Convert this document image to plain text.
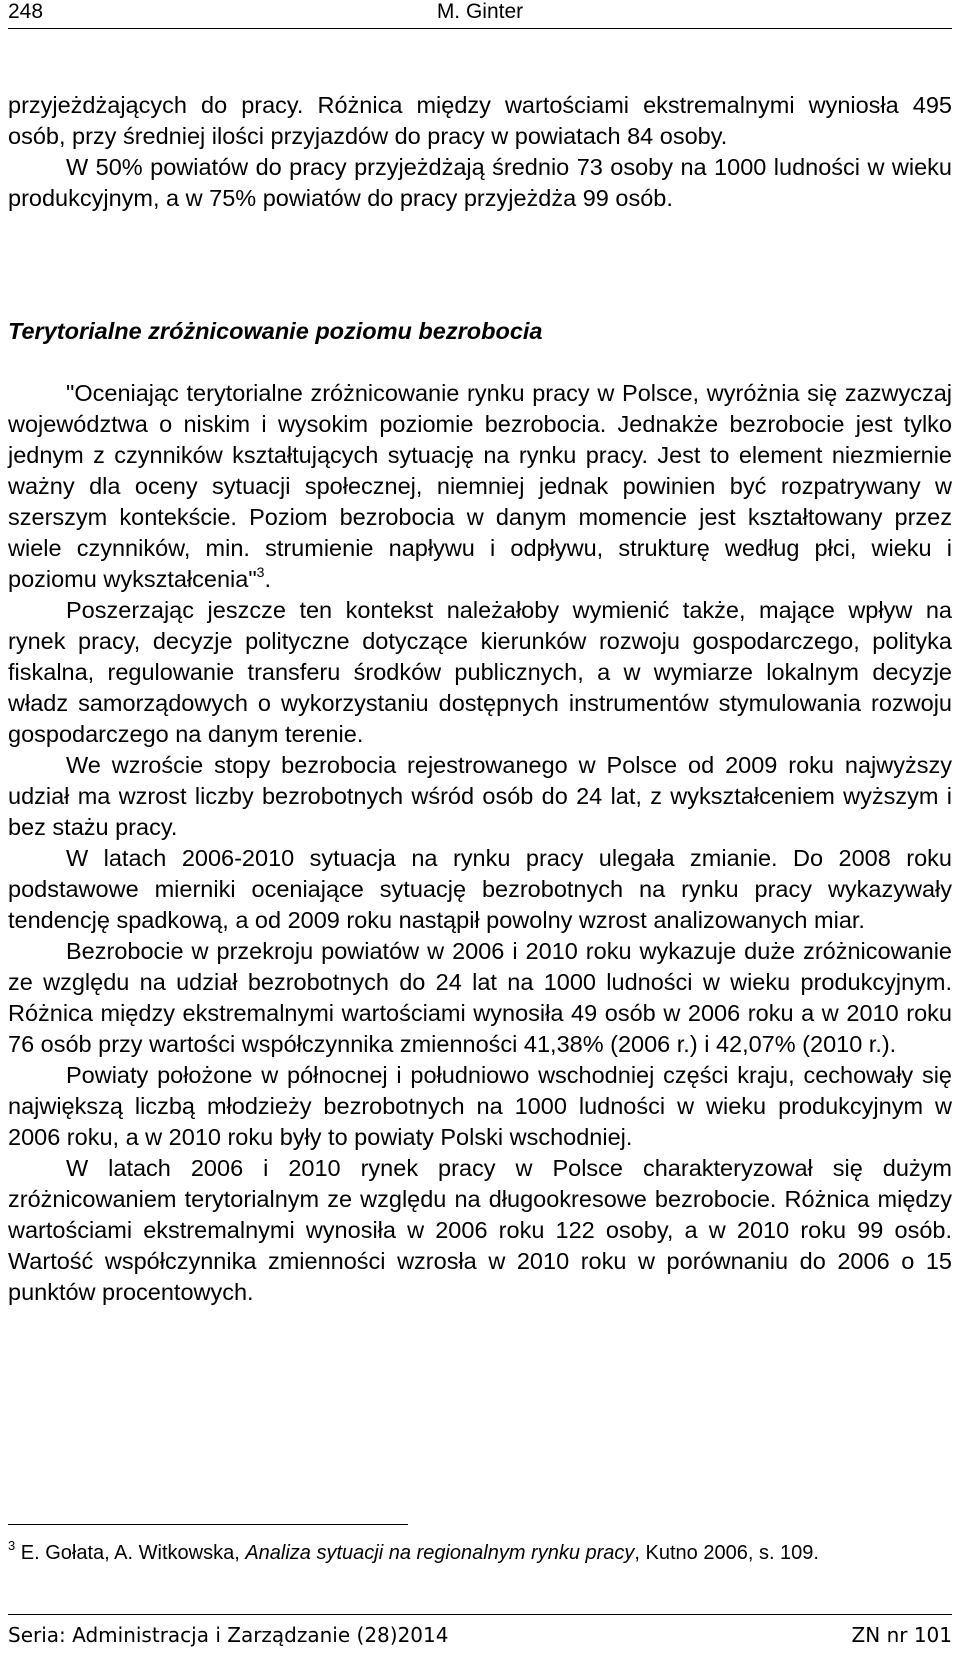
248	M. Ginter

przyjeżdżających do pracy. Różnica między wartościami ekstremalnymi wyniosła 495 osób, przy średniej ilości przyjazdów do pracy w powiatach 84 osoby.

W 50% powiatów do pracy przyjeżdżają średnio 73 osoby na 1000 ludności w wieku produkcyjnym, a w 75% powiatów do pracy przyjeżdża 99 osób.

Terytorialne zróżnicowanie poziomu bezrobocia

"Oceniając terytorialne zróżnicowanie rynku pracy w Polsce, wyróżnia się zazwyczaj województwa o niskim i wysokim poziomie bezrobocia. Jednakże bezrobocie jest tylko jednym z czynników kształtujących sytuację na rynku pracy. Jest to element niezmiernie ważny dla oceny sytuacji społecznej, niemniej jednak powinien być rozpatrywany w szerszym kontekście. Poziom bezrobocia w danym momencie jest kształtowany przez wiele czynników, min. strumienie napływu i odpływu, strukturę według płci, wieku i poziomu wykształcenia"$^3$.

Poszerzając jeszcze ten kontekst należałoby wymienić także, mające wpływ na rynek pracy, decyzje polityczne dotyczące kierunków rozwoju gospodarczego, polityka fiskalna, regulowanie transferu środków publicznych, a w wymiarze lokalnym decyzje władz samorządowych o wykorzystaniu dostępnych instrumentów stymulowania rozwoju gospodarczego na danym terenie.

We wzroście stopy bezrobocia rejestrowanego w Polsce od 2009 roku najwyższy udział ma wzrost liczby bezrobotnych wśród osób do 24 lat, z wykształceniem wyższym i bez stażu pracy.

W latach 2006-2010 sytuacja na rynku pracy ulegała zmianie. Do 2008 roku podstawowe mierniki oceniające sytuację bezrobotnych na rynku pracy wykazywały tendencję spadkową, a od 2009 roku nastąpił powolny wzrost analizowanych miar.

Bezrobocie w przekroju powiatów w 2006 i 2010 roku wykazuje duże zróżnicowanie ze względu na udział bezrobotnych do 24 lat na 1000 ludności w wieku produkcyjnym. Różnica między ekstremalnymi wartościami wynosiła 49 osób w 2006 roku a w 2010 roku 76 osób przy wartości współczynnika zmienności 41,38% (2006 r.) i 42,07% (2010 r.).

Powiaty położone w północnej i południowo wschodniej części kraju, cechowały się największą liczbą młodzieży bezrobotnych na 1000 ludności w wieku produkcyjnym w 2006 roku, a w 2010 roku były to powiaty Polski wschodniej.

W latach 2006 i 2010 rynek pracy w Polsce charakteryzował się dużym zróżnicowaniem terytorialnym ze względu na długookresowe bezrobocie. Różnica między wartościami ekstremalnymi wynosiła w 2006 roku 122 osoby, a w 2010 roku 99 osób. Wartość współczynnika zmienności wzrosła w 2010 roku w porównaniu do 2006 o 15 punktów procentowych.

$^3$ E. Gołata, A. Witkowska, Analiza sytuacji na regionalnym rynku pracy, Kutno 2006, s. 109.

Seria: Administracja i Zarządzanie (28)2014	ZN nr 101
